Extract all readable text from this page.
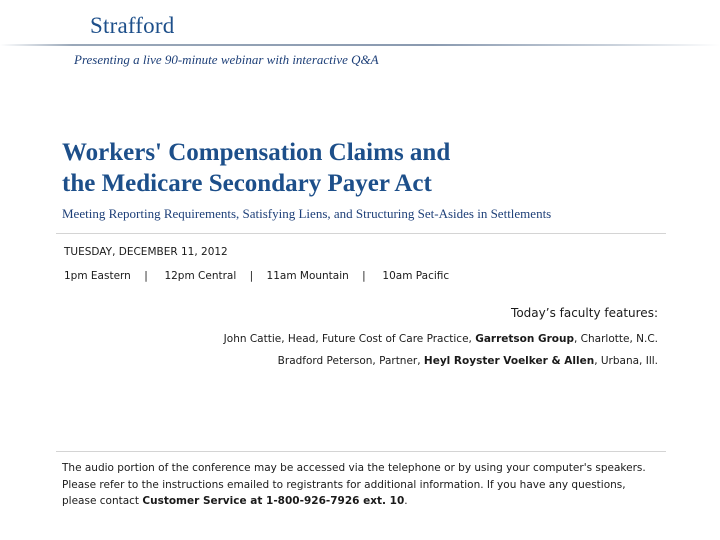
Strafford
Presenting a live 90-minute webinar with interactive Q&A
Workers' Compensation Claims and
the Medicare Secondary Payer Act
Meeting Reporting Requirements, Satisfying Liens, and Structuring Set-Asides in Settlements
TUESDAY, DECEMBER 11, 2012
1pm Eastern | 12pm Central | 11am Mountain | 10am Pacific
Today’s faculty features:
John Cattie, Head, Future Cost of Care Practice, Garretson Group, Charlotte, N.C.
Bradford Peterson, Partner, Heyl Royster Voelker & Allen, Urbana, Ill.
The audio portion of the conference may be accessed via the telephone or by using your computer's speakers. Please refer to the instructions emailed to registrants for additional information. If you have any questions, please contact Customer Service at 1-800-926-7926 ext. 10.
